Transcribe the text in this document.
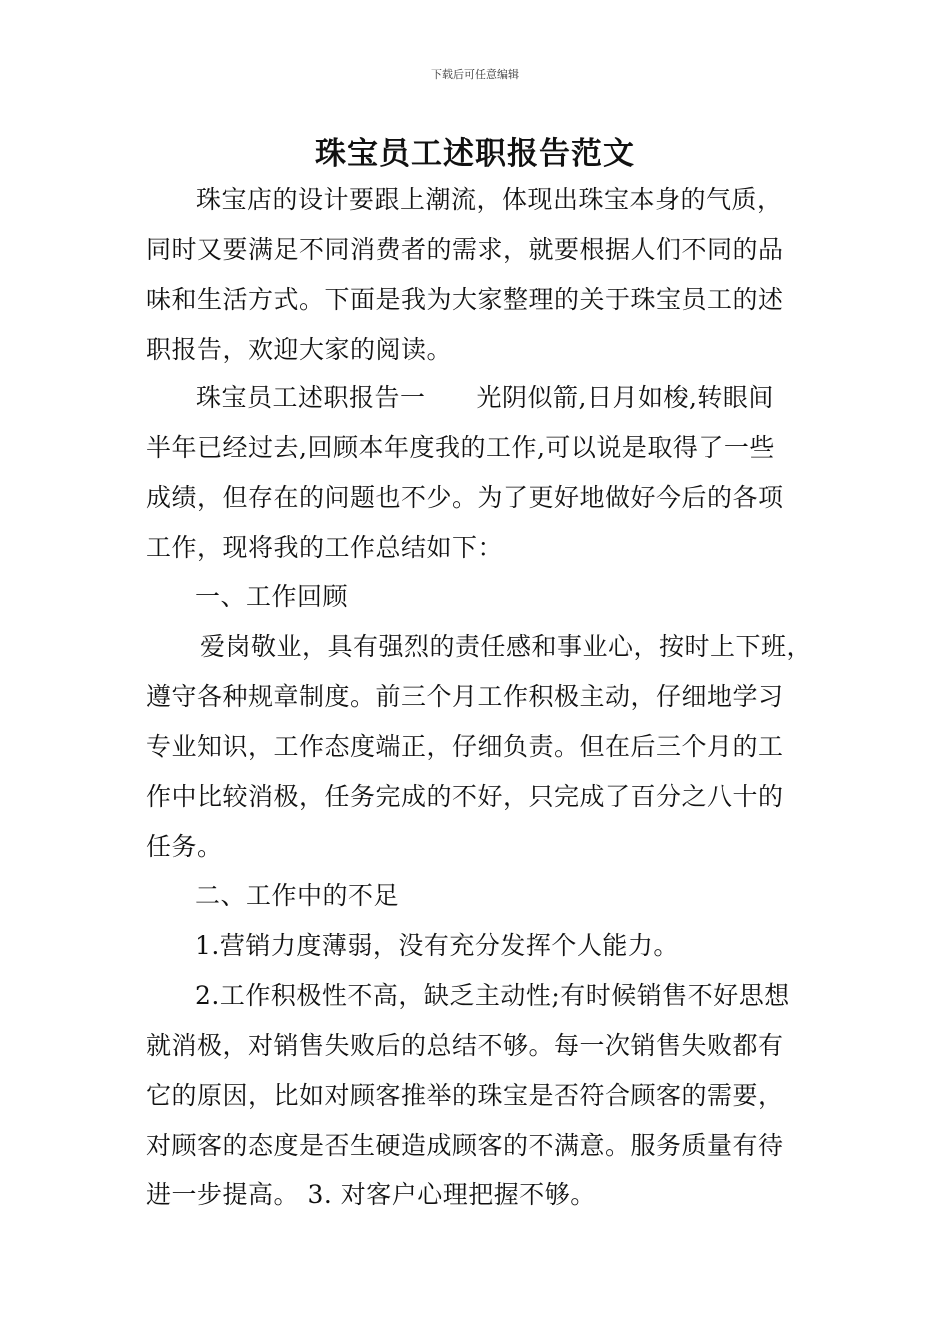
下载后可任意编辑
珠宝员工述职报告范文
珠宝店的设计要跟上潮流，体现出珠宝本身的气质，
同时又要满足不同消费者的需求，就要根据人们不同的品
味和生活方式。下面是我为大家整理的关于珠宝员工的述
职报告，欢迎大家的阅读。
珠宝员工述职报告一　　光阴似箭,日月如梭,转眼间
半年已经过去,回顾本年度我的工作,可以说是取得了一些
成绩，但存在的问题也不少。为了更好地做好今后的各项
工作，现将我的工作总结如下：
一、工作回顾
爱岗敬业，具有强烈的责任感和事业心，按时上下班，
遵守各种规章制度。前三个月工作积极主动，仔细地学习
专业知识，工作态度端正，仔细负责。但在后三个月的工
作中比较消极，任务完成的不好，只完成了百分之八十的
任务。
二、工作中的不足
1.营销力度薄弱，没有充分发挥个人能力。
2.工作积极性不高，缺乏主动性;有时候销售不好思想
就消极，对销售失败后的总结不够。每一次销售失败都有
它的原因，比如对顾客推举的珠宝是否符合顾客的需要，
对顾客的态度是否生硬造成顾客的不满意。服务质量有待
进一步提高。 3. 对客户心理把握不够。
